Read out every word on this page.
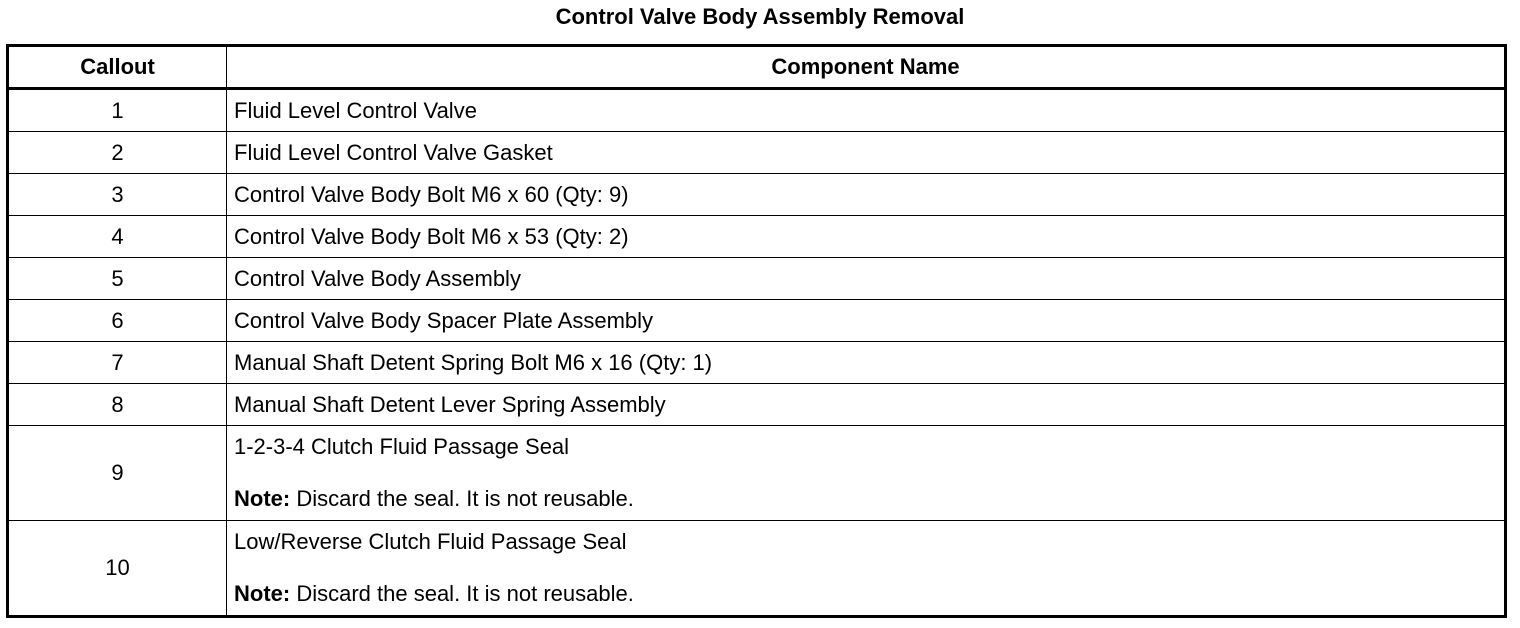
Control Valve Body Assembly Removal
Callout	Component Name
1	Fluid Level Control Valve
2	Fluid Level Control Valve Gasket
3	Control Valve Body Bolt M6 x 60 (Qty: 9)
4	Control Valve Body Bolt M6 x 53 (Qty: 2)
5	Control Valve Body Assembly
6	Control Valve Body Spacer Plate Assembly
7	Manual Shaft Detent Spring Bolt M6 x 16 (Qty: 1)
8	Manual Shaft Detent Lever Spring Assembly
9	1-2-3-4 Clutch Fluid Passage Seal
Note: Discard the seal. It is not reusable.

10	Low/Reverse Clutch Fluid Passage Seal
Note: Discard the seal. It is not reusable.
